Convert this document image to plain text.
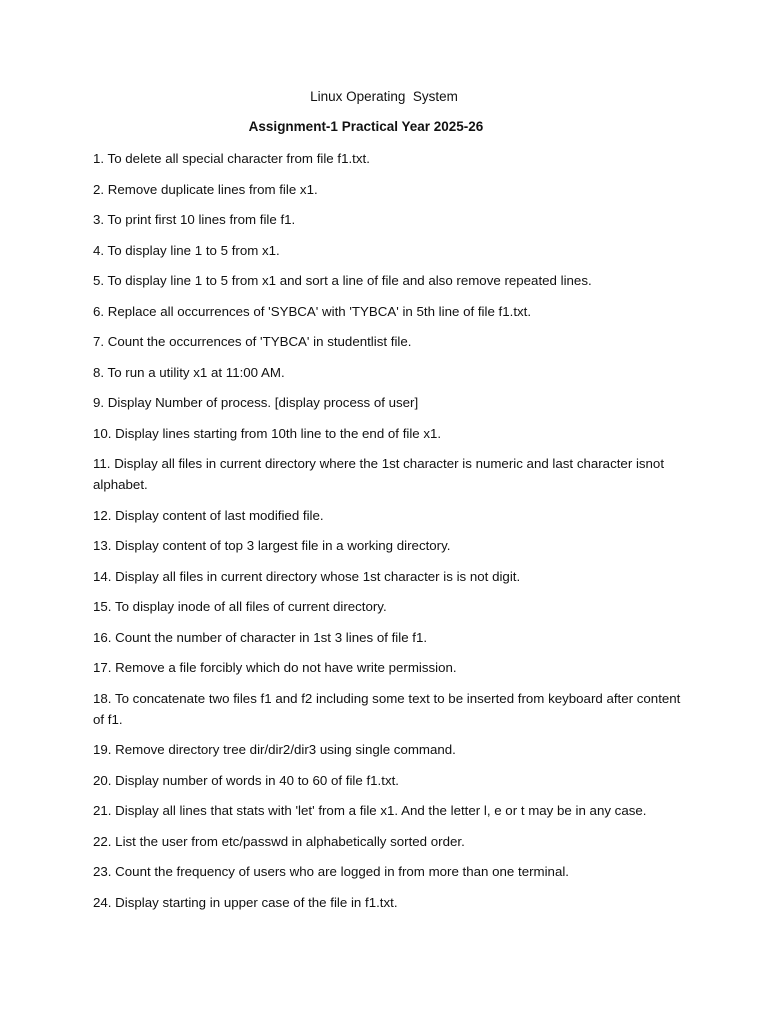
Linux Operating  System
Assignment-1 Practical Year 2025-26
1. To delete all special character from file f1.txt.
2. Remove duplicate lines from file x1.
3. To print first 10 lines from file f1.
4. To display line 1 to 5 from x1.
5. To display line 1 to 5 from x1 and sort a line of file and also remove repeated lines.
6. Replace all occurrences of 'SYBCA' with 'TYBCA' in 5th line of file f1.txt.
7. Count the occurrences of 'TYBCA' in studentlist file.
8. To run a utility x1 at 11:00 AM.
9. Display Number of process. [display process of user]
10. Display lines starting from 10th line to the end of file x1.
11. Display all files in current directory where the 1st character is numeric and last character isnot alphabet.
12. Display content of last modified file.
13. Display content of top 3 largest file in a working directory.
14. Display all files in current directory whose 1st character is is not digit.
15. To display inode of all files of current directory.
16. Count the number of character in 1st 3 lines of file f1.
17. Remove a file forcibly which do not have write permission.
18. To concatenate two files f1 and f2 including some text to be inserted from keyboard after content of f1.
19. Remove directory tree dir/dir2/dir3 using single command.
20. Display number of words in 40 to 60 of file f1.txt.
21. Display all lines that stats with 'let' from a file x1. And the letter l, e or t may be in any case.
22. List the user from etc/passwd in alphabetically sorted order.
23. Count the frequency of users who are logged in from more than one terminal.
24. Display starting in upper case of the file in f1.txt.
